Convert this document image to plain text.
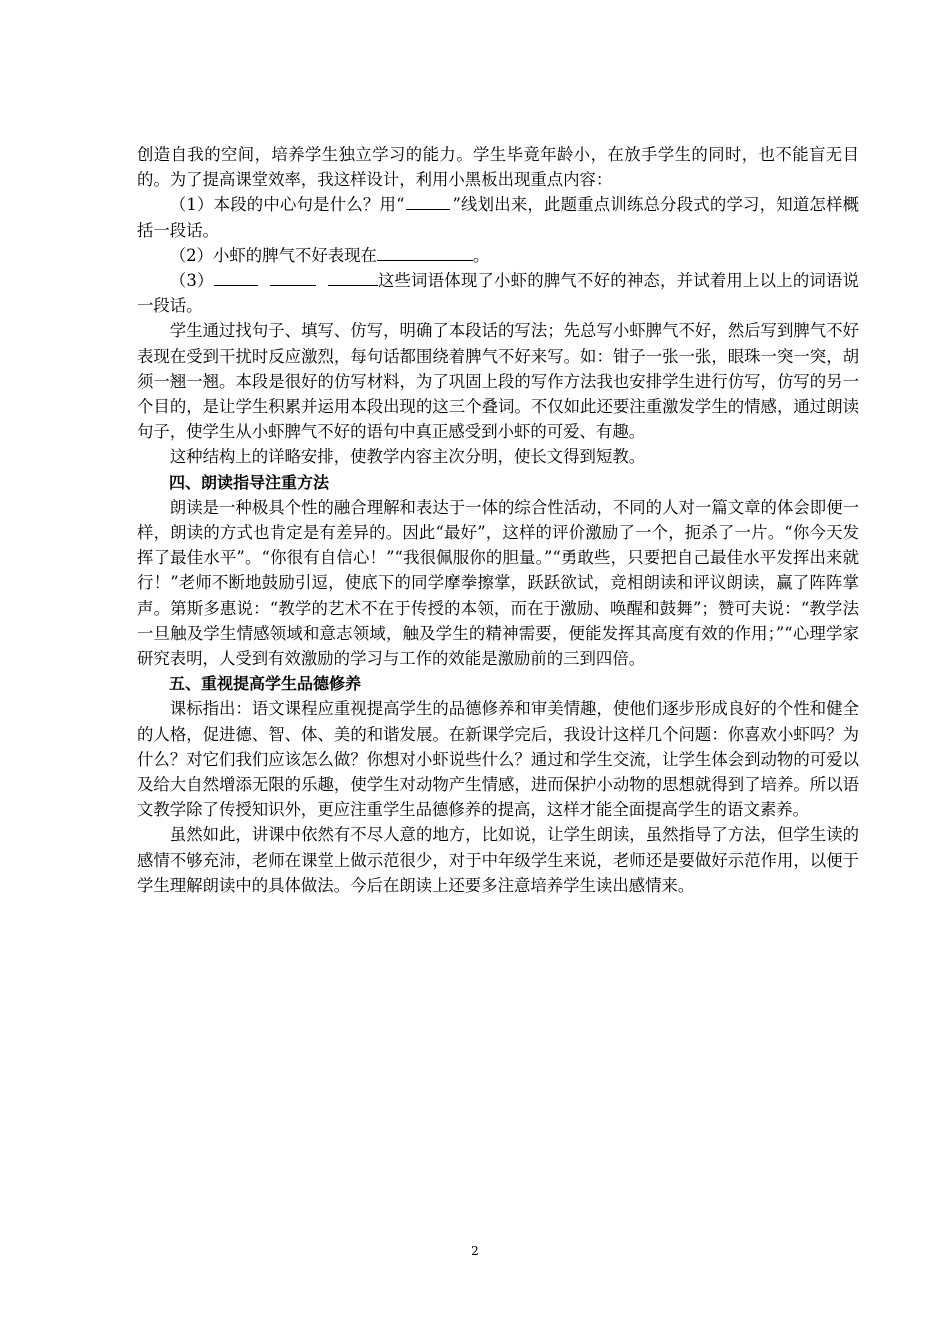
创造自我的空间，培养学生独立学习的能力。学生毕竟年龄小，在放手学生的同时，也不能盲无目的。为了提高课堂效率，我这样设计，利用小黑板出现重点内容：

（1）本段的中心句是什么？用“	”线划出来，此题重点训练总分段式的学习，知道怎样概括一段话。

（2）小虾的脾气不好表现在	。

（3）	这些词语体现了小虾的脾气不好的神态，并试着用上以上的词语说一段话。

学生通过找句子、填写、仿写，明确了本段话的写法；先总写小虾脾气不好，然后写到脾气不好表现在受到干扰时反应激烈，每句话都围绕着脾气不好来写。如：钳子一张一张，眼珠一突一突，胡须一翘一翘。本段是很好的仿写材料，为了巩固上段的写作方法我也安排学生进行仿写，仿写的另一个目的，是让学生积累并运用本段出现的这三个叠词。不仅如此还要注重激发学生的情感，通过朗读句子，使学生从小虾脾气不好的语句中真正感受到小虾的可爱、有趣。

这种结构上的详略安排，使教学内容主次分明，使长文得到短教。

四、朗读指导注重方法

朗读是一种极具个性的融合理解和表达于一体的综合性活动，不同的人对一篇文章的体会即便一样，朗读的方式也肯定是有差异的。因此“最好”，这样的评价激励了一个，扼杀了一片。“你今天发挥了最佳水平”。“你很有自信心！”“我很佩服你的胆量。”“勇敢些，只要把自己最佳水平发挥出来就行！”老师不断地鼓励引逗，使底下的同学摩拳擦掌，跃跃欲试，竞相朗读和评议朗读，赢了阵阵掌声。第斯多惠说：“教学的艺术不在于传授的本领，而在于激励、唤醒和鼓舞”；赞可夫说：“教学法一旦触及学生情感领域和意志领域，触及学生的精神需要，便能发挥其高度有效的作用；”“心理学家研究表明，人受到有效激励的学习与工作的效能是激励前的三到四倍。

五、重视提高学生品德修养

课标指出：语文课程应重视提高学生的品德修养和审美情趣，使他们逐步形成良好的个性和健全的人格，促进德、智、体、美的和谐发展。在新课学完后，我设计这样几个问题：你喜欢小虾吗？为什么？对它们我们应该怎么做？你想对小虾说些什么？通过和学生交流，让学生体会到动物的可爱以及给大自然增添无限的乐趣，使学生对动物产生情感，进而保护小动物的思想就得到了培养。所以语文教学除了传授知识外，更应注重学生品德修养的提高，这样才能全面提高学生的语文素养。

虽然如此，讲课中依然有不尽人意的地方，比如说，让学生朗读，虽然指导了方法，但学生读的感情不够充沛，老师在课堂上做示范很少，对于中年级学生来说，老师还是要做好示范作用，以便于学生理解朗读中的具体做法。今后在朗读上还要多注意培养学生读出感情来。

2
